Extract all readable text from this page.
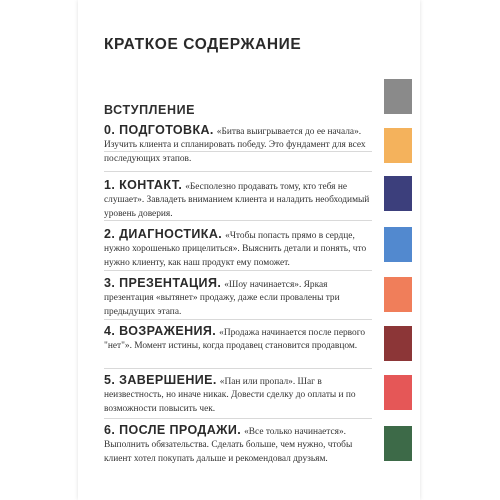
КРАТКОЕ СОДЕРЖАНИЕ
ВСТУПЛЕНИЕ
0. ПОДГОТОВКА. «Битва выигрывается до ее начала». Изучить клиента и спланировать победу. Это фундамент для всех последующих этапов.
1. КОНТАКТ. «Бесполезно продавать тому, кто тебя не слушает». Завладеть вниманием клиента и наладить необходимый уровень доверия.
2. ДИАГНОСТИКА. «Чтобы попасть прямо в сердце, нужно хорошенько прицелиться». Выяснить детали и понять, что нужно клиенту, как наш продукт ему поможет.
3. ПРЕЗЕНТАЦИЯ. «Шоу начинается». Яркая презентация «вытянет» продажу, даже если провалены три предыдущих этапа.
4. ВОЗРАЖЕНИЯ. «Продажа начинается после первого "нет"». Момент истины, когда продавец становится продавцом.
5. ЗАВЕРШЕНИЕ. «Пан или пропал». Шаг в неизвестность, но иначе никак. Довести сделку до оплаты и по возможности повысить чек.
6. ПОСЛЕ ПРОДАЖИ. «Все только начинается». Выполнить обязательства. Сделать больше, чем нужно, чтобы клиент хотел покупать дальше и рекомендовал друзьям.
